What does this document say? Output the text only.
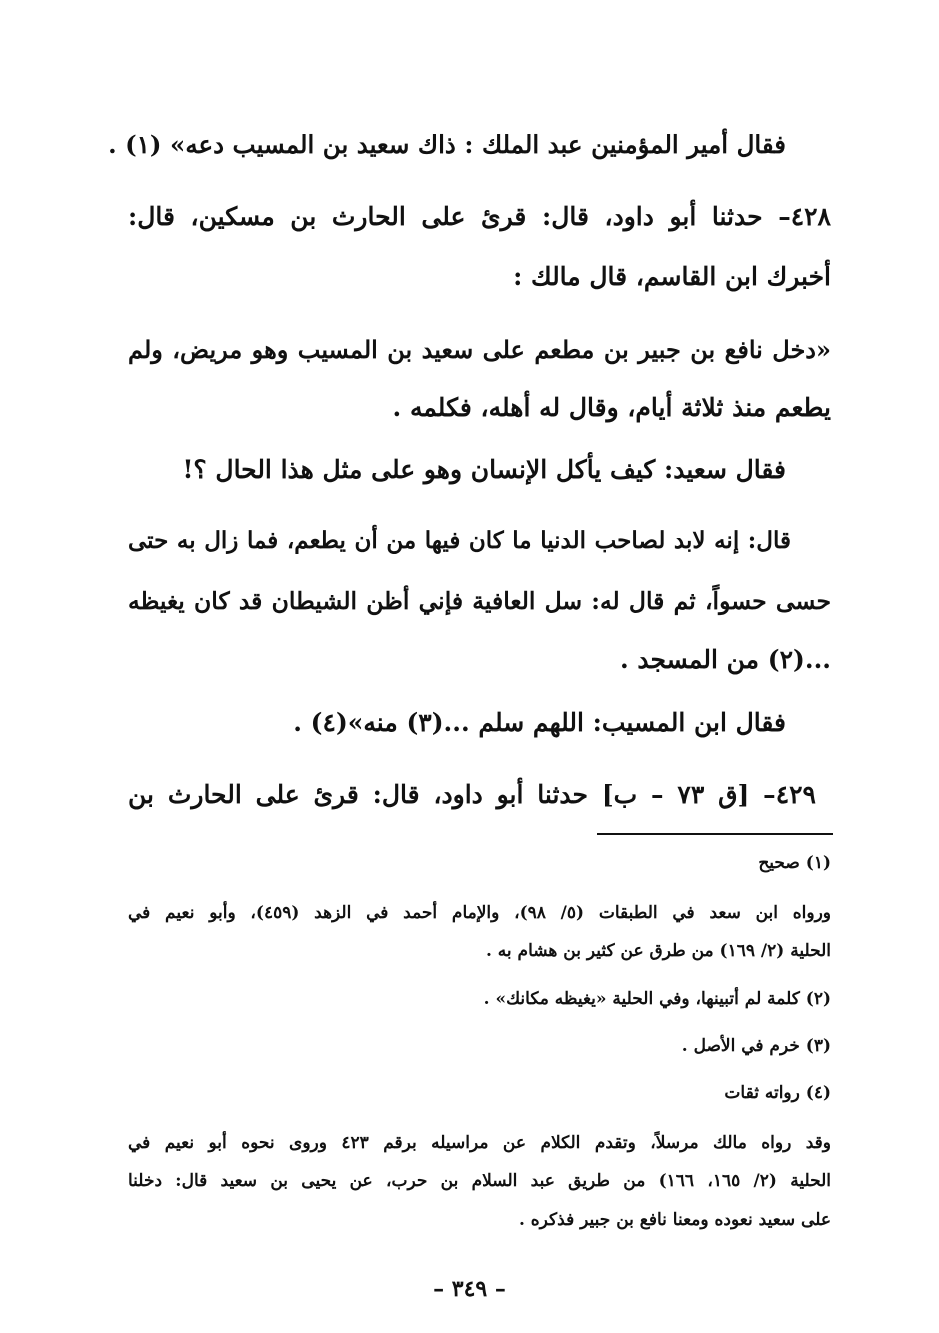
فقال أمير المؤمنين عبد الملك : ذاك سعيد بن المسيب دعه» (١) .

٤٢٨– حدثنا أبو داود، قال: قرئ على الحارث بن مسكين، قال:

أخبرك ابن القاسم، قال مالك :

«دخل نافع بن جبير بن مطعم على سعيد بن المسيب وهو مريض، ولم

يطعم منذ ثلاثة أيام، وقال له أهله، فكلمه .

فقال سعيد: كيف يأكل الإنسان وهو على مثل هذا الحال ؟!

قال: إنه لابد لصاحب الدنيا ما كان فيها من أن يطعم، فما زال به حتى

حسى حسواً، ثم قال له: سل العافية فإني أظن الشيطان قد كان يغيظه

...(٢) من المسجد .

فقال ابن المسيب: اللهم سلم ...(٣) منه»(٤) .

٤٢٩– [ق ٧٣ – ب] حدثنا أبو داود، قال: قرئ على الحارث بن

(١) صحيح

ورواه ابن سعد في الطبقات (٥/ ٩٨)، والإمام أحمد في الزهد (٤٥٩)، وأبو نعيم في

الحلية (٢/ ١٦٩) من طرق عن كثير بن هشام به .

(٢) كلمة لم أتبينها، وفي الحلية «يغيظه مكانك» .

(٣) خرم في الأصل .

(٤) رواته ثقات

وقد رواه مالك مرسلاً، وتقدم الكلام عن مراسيله برقم ٤٢٣ وروى نحوه أبو نعيم في

الحلية (٢/ ١٦٥، ١٦٦) من طريق عبد السلام بن حرب، عن يحيى بن سعيد قال: دخلنا

على سعيد نعوده ومعنا نافع بن جبير فذكره .

– ٣٤٩ –
